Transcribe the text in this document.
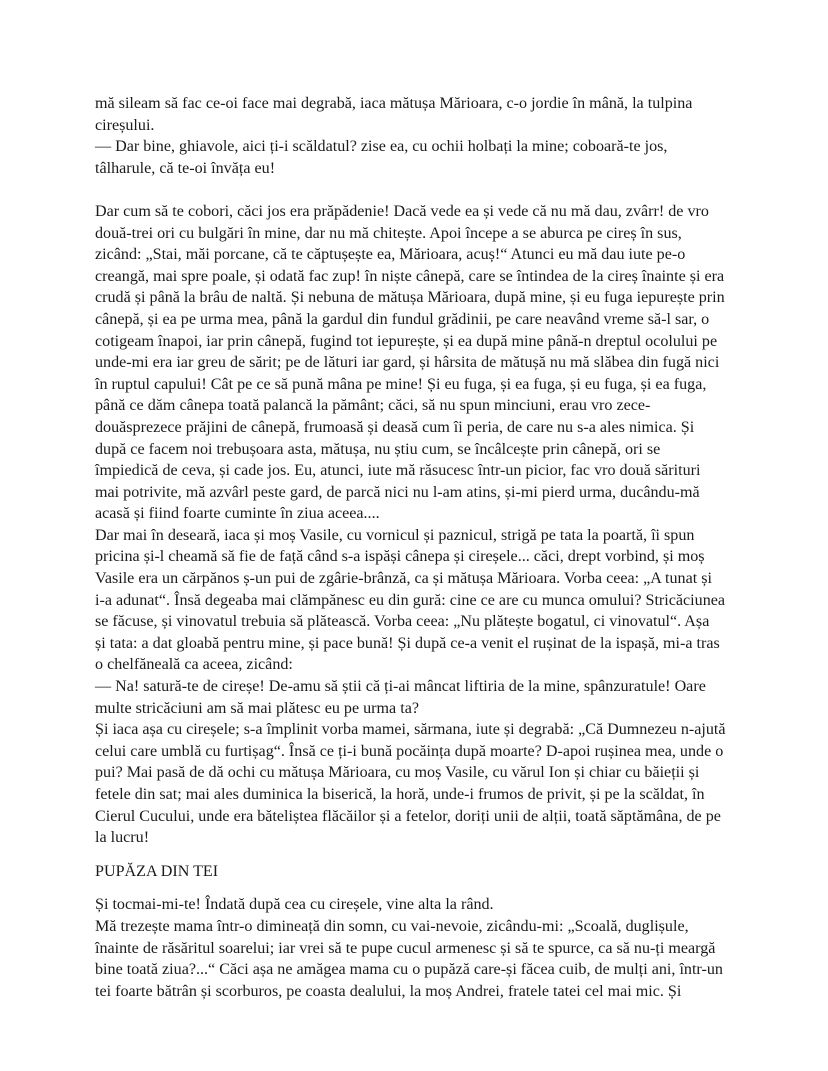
mă sileam să fac ce-oi face mai degrabă, iaca mătușa Mărioara, c-o jordie în mână, la tulpina
cireșului.
— Dar bine, ghiavole, aici ți-i scăldatul? zise ea, cu ochii holbați la mine; coboară-te jos,
tâlharule, că te-oi învăța eu!
Dar cum să te cobori, căci jos era prăpădenie! Dacă vede ea și vede că nu mă dau, zvârr! de vro
două-trei ori cu bulgări în mine, dar nu mă chitește. Apoi începe a se aburca pe cireș în sus,
zicând: „Stai, măi porcane, că te căptușește ea, Mărioara, acuș!“ Atunci eu mă dau iute pe-o
creangă, mai spre poale, și odată fac zup! în niște cânepă, care se întindea de la cireș înainte și era
crudă și până la brâu de naltă. Și nebuna de mătușa Mărioara, după mine, și eu fuga iepurește prin
cânepă, și ea pe urma mea, până la gardul din fundul grădinii, pe care neavând vreme să-l sar, o
cotigeam înapoi, iar prin cânepă, fugind tot iepurește, și ea după mine până-n dreptul ocolului pe
unde-mi era iar greu de sărit; pe de lături iar gard, și hârsita de mătușă nu mă slăbea din fugă nici
în ruptul capului! Cât pe ce să pună mâna pe mine! Și eu fuga, și ea fuga, și eu fuga, și ea fuga,
până ce dăm cânepa toată palancă la pământ; căci, să nu spun minciuni, erau vro zece-
douăsprezece prăjini de cânepă, frumoasă și deasă cum îi peria, de care nu s-a ales nimica. Și
după ce facem noi trebușoara asta, mătușa, nu știu cum, se încâlcește prin cânepă, ori se
împiedică de ceva, și cade jos. Eu, atunci, iute mă răsucesc într-un picior, fac vro două sărituri
mai potrivite, mă azvârl peste gard, de parcă nici nu l-am atins, și-mi pierd urma, ducându-mă
acasă și fiind foarte cuminte în ziua aceea....
Dar mai în deseară, iaca și moș Vasile, cu vornicul și paznicul, strigă pe tata la poartă, îi spun
pricina și-l cheamă să fie de față când s-a ispăși cânepa și cireșele... căci, drept vorbind, și moș
Vasile era un cărpănos ș-un pui de zgârie-brânză, ca și mătușa Mărioara. Vorba ceea: „A tunat și
i-a adunat“. Însă degeaba mai clămpănesc eu din gură: cine ce are cu munca omului? Stricăciunea
se făcuse, și vinovatul trebuia să plătească. Vorba ceea: „Nu plătește bogatul, ci vinovatul“. Așa
și tata: a dat gloabă pentru mine, și pace bună! Și după ce-a venit el rușinat de la ispașă, mi-a tras
o chelfăneală ca aceea, zicând:
— Na! satură-te de cireșe! De-amu să știi că ți-ai mâncat liftiria de la mine, spânzuratule! Oare
multe stricăciuni am să mai plătesc eu pe urma ta?
Și iaca așa cu cireșele; s-a împlinit vorba mamei, sărmana, iute și degrabă: „Că Dumnezeu n-ajută
celui care umblă cu furtișag“. Însă ce ți-i bună pocăința după moarte? D-apoi rușinea mea, unde o
pui? Mai pasă de dă ochi cu mătușa Mărioara, cu moș Vasile, cu vărul Ion și chiar cu băieții și
fetele din sat; mai ales duminica la biserică, la horă, unde-i frumos de privit, și pe la scăldat, în
Cierul Cucului, unde era băteliștea flăcăilor și a fetelor, doriți unii de alții, toată săptămâna, de pe
la lucru!
PUPĂZA DIN TEI
Și tocmai-mi-te! Îndată după cea cu cireșele, vine alta la rând.
Mă trezește mama într-o dimineață din somn, cu vai-nevoie, zicându-mi: „Scoală, duglișule,
înainte de răsăritul soarelui; iar vrei să te pupe cucul armenesc și să te spurce, ca să nu-ți meargă
bine toată ziua?...“ Căci așa ne amăgea mama cu o pupăză care-și făcea cuib, de mulți ani, într-un
tei foarte bătrân și scorburos, pe coasta dealului, la moș Andrei, fratele tatei cel mai mic. Și
